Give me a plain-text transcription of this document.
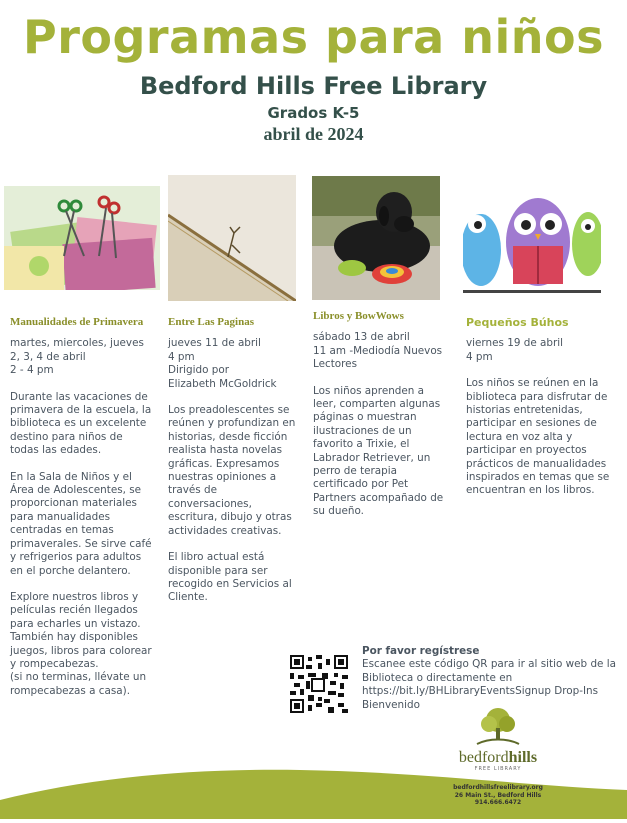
Programas para niños
Bedford Hills Free Library
Grados K-5
abril de 2024
Manualidades de Primavera
martes, miercoles, jueves
2, 3, 4 de abril

2 - 4 pm

Durante las vacaciones de primavera de la escuela, la biblioteca es un excelente destino para niños de todas las edades.

En la Sala de Niños y el Área de Adolescentes, se proporcionan materiales para manualidades centradas en temas primaverales. Se sirve café y refrigerios para adultos en el porche delantero.

Explore nuestros libros y películas recién llegados para echarles un vistazo. También hay disponibles juegos, libros para colorear y rompecabezas.
(si no terminas, llévate un rompecabezas a casa).

Entre Las Paginas
jueves 11 de abril
4 pm
Dirigido por

Elizabeth McGoldrick

Los preadolescentes se reúnen y profundizan en historias, desde ficción realista hasta novelas gráficas. Expresamos nuestras opiniones a través de conversaciones, escritura, dibujo y otras actividades creativas.

El libro actual está disponible para ser recogido en Servicios al Cliente.

Libros y BowWows
sábado 13 de abril

11 am -Mediodía Nuevos Lectores

Los niños aprenden a leer, comparten algunas páginas o muestran ilustraciones de un favorito a Trixie, el Labrador Retriever, un perro de terapia certificado por Pet Partners acompañado de su dueño.

Pequeños Búhos
viernes 19 de abril

4 pm

Los niños se reúnen en la biblioteca para disfrutar de historias entretenidas, participar en sesiones de lectura en voz alta y participar en proyectos prácticos de manualidades inspirados en temas que se encuentran en los libros.

Por favor regístrese
Escanee este código QR para ir al sitio web de la Biblioteca o directamente en https://bit.ly/BHLibraryEventsSignup Drop-Ins Bienvenido
bedfordhills
FREE LIBRARY
bedfordhillsfreelibrary.org
26 Main St., Bedford Hills
914.666.6472
